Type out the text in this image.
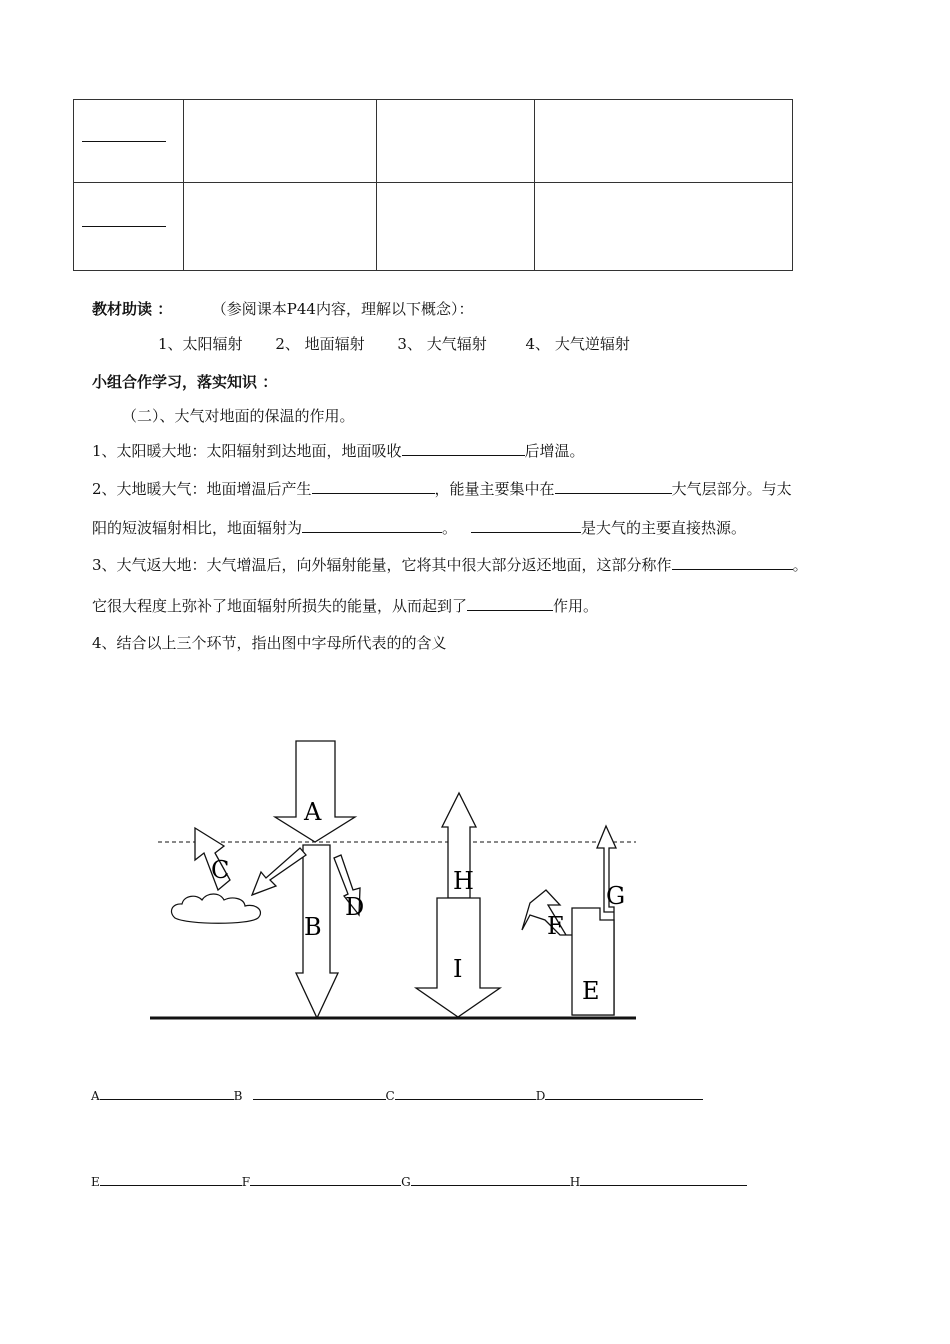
教材助读 ：	（参阅课本P44内容，理解以下概念）：
1、太阳辐射 2、 地面辐射 3、 大气辐射	4、 大气逆辐射
小组合作学习，落实知识 ：
（二）、大气对地面的保温的作用。
1、太阳暖大地：太阳辐射到达地面，地面吸收	后增温。
2、大地暖大气：地面增温后产生	，能量主要集中在	大气层部分。与太
阳的短波辐射相比，地面辐射为	。	是大气的主要直接热源。
3、大气返大地：大气增温后，向外辐射能量，它将其中很大部分返还地面，这部分称作	。
它很大程度上弥补了地面辐射所损失的能量，从而起到了	作用。
4、结合以上三个环节，指出图中字母所代表的的含义
A
B
C
D
E
F
G
H
I
A	B	C	D
E	F	G	H
